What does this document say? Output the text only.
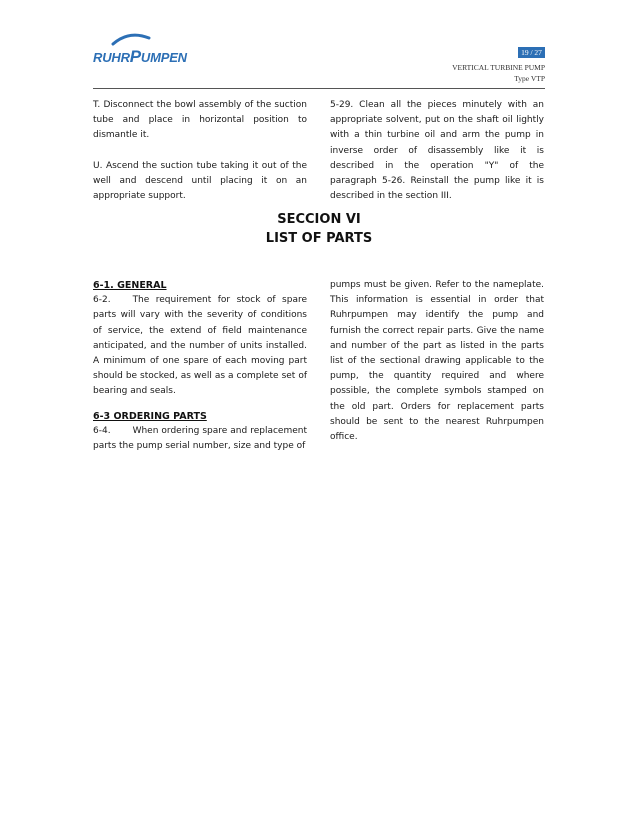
RUHRPUMPEN	19 / 27
VERTICAL TURBINE PUMP
Type VTP

T. Disconnect the bowl assembly of the suction tube and place in horizontal position to dismantle it.

U. Ascend the suction tube taking it out of the well and descend until placing it on an appropriate support.

5-29. Clean all the pieces minutely with an appropriate solvent, put on the shaft oil lightly with a thin turbine oil and arm the pump in inverse order of disassembly like it is described in the operation "Y" of the paragraph 5-26. Reinstall the pump like it is described in the section III.

SECCION VI
LIST OF PARTS
6-1. GENERAL

6-2. The requirement for stock of spare parts will vary with the severity of conditions of service, the extend of field maintenance anticipated, and the number of units installed. A minimum of one spare of each moving part should be stocked, as well as a complete set of bearing and seals.

6-3 ORDERING PARTS

6-4. When ordering spare and replacement parts the pump serial number, size and type of

pumps must be given. Refer to the nameplate. This information is essential in order that Ruhrpumpen may identify the pump and furnish the correct repair parts. Give the name and number of the part as listed in the parts list of the sectional drawing applicable to the pump, the quantity required and where possible, the complete symbols stamped on the old part. Orders for replacement parts should be sent to the nearest Ruhrpumpen office.
